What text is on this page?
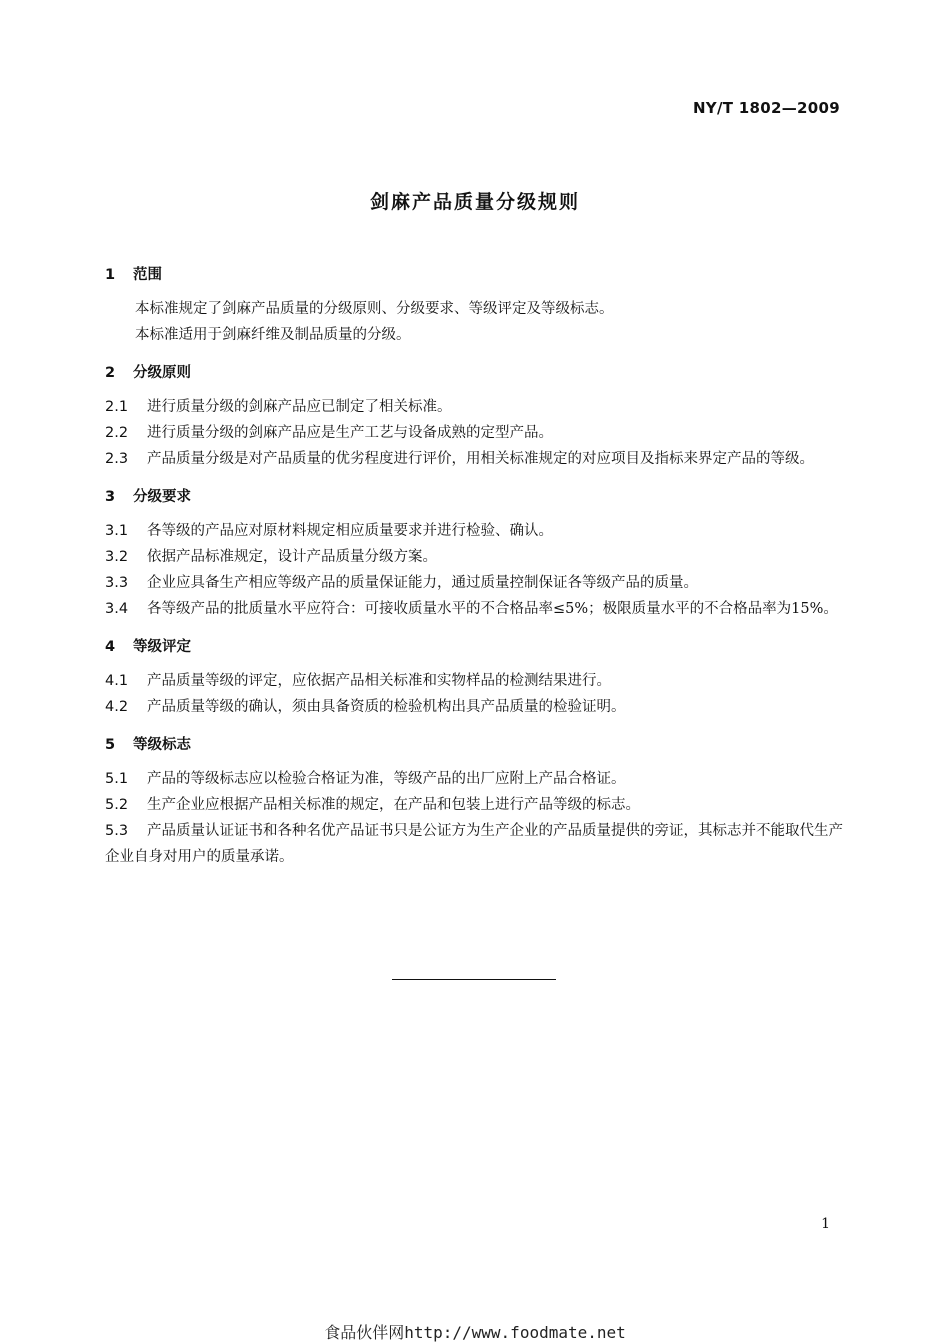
NY/T 1802—2009
剑麻产品质量分级规则
1 范围
本标准规定了剑麻产品质量的分级原则、分级要求、等级评定及等级标志。
本标准适用于剑麻纤维及制品质量的分级。
2 分级原则
2.1 进行质量分级的剑麻产品应已制定了相关标准。
2.2 进行质量分级的剑麻产品应是生产工艺与设备成熟的定型产品。
2.3 产品质量分级是对产品质量的优劣程度进行评价，用相关标准规定的对应项目及指标来界定产品的等级。
3 分级要求
3.1 各等级的产品应对原材料规定相应质量要求并进行检验、确认。
3.2 依据产品标准规定，设计产品质量分级方案。
3.3 企业应具备生产相应等级产品的质量保证能力，通过质量控制保证各等级产品的质量。
3.4 各等级产品的批质量水平应符合：可接收质量水平的不合格品率≤5%；极限质量水平的不合格品率为15%。
4 等级评定
4.1 产品质量等级的评定，应依据产品相关标准和实物样品的检测结果进行。
4.2 产品质量等级的确认，须由具备资质的检验机构出具产品质量的检验证明。
5 等级标志
5.1 产品的等级标志应以检验合格证为准，等级产品的出厂应附上产品合格证。
5.2 生产企业应根据产品相关标准的规定，在产品和包装上进行产品等级的标志。
5.3 产品质量认证证书和各种名优产品证书只是公证方为生产企业的产品质量提供的旁证，其标志并不能取代生产企业自身对用户的质量承诺。
1
食品伙伴网http://www.foodmate.net
